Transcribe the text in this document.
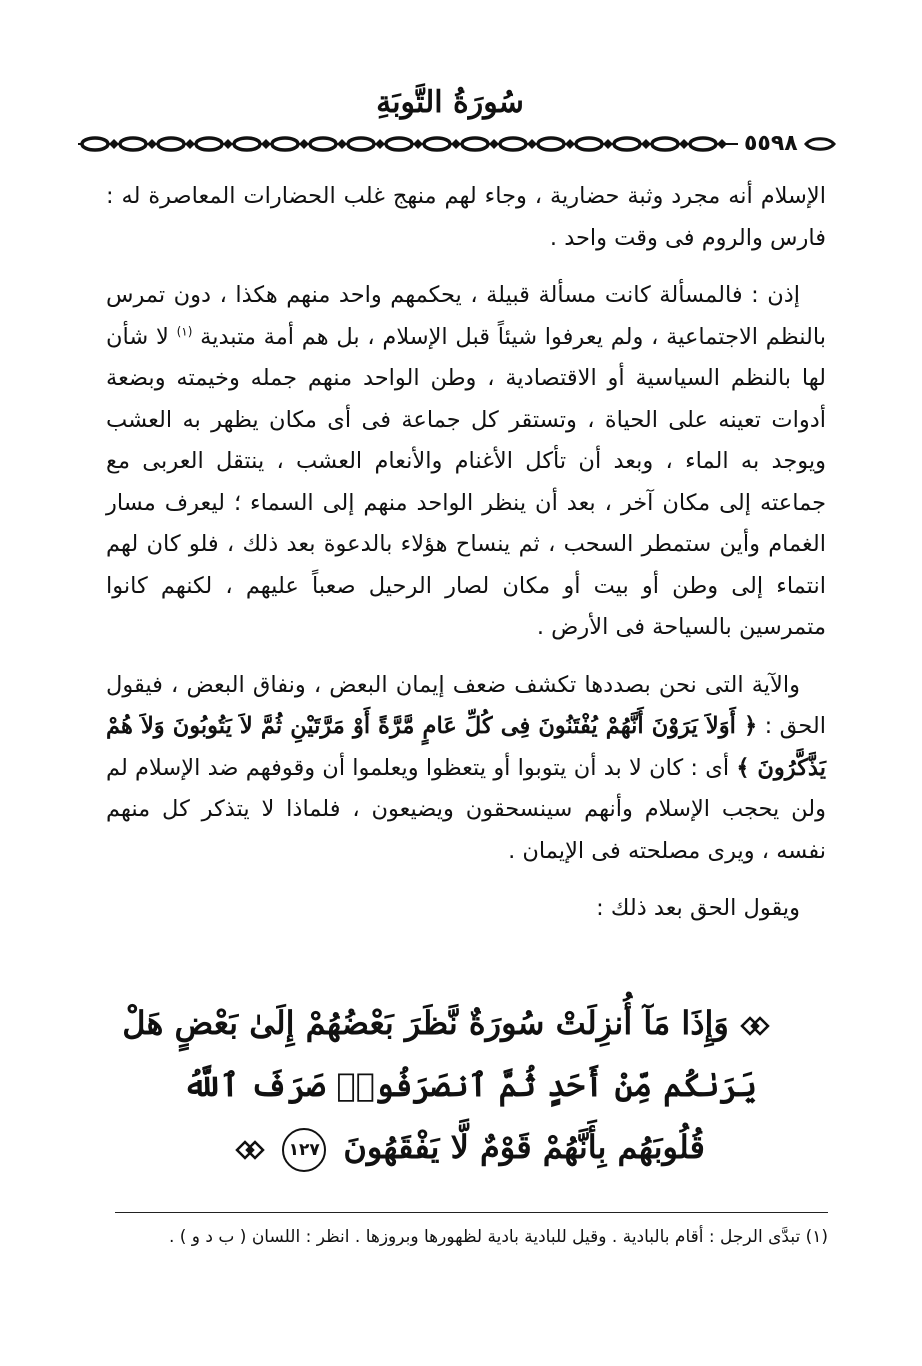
سُورَةُ التَّوبَةِ
٥٥٩٨

الإسلام أنه مجرد وثبة حضارية ، وجاء لهم منهج غلب الحضارات المعاصرة له : فارس والروم فى وقت واحد .

إذن : فالمسألة كانت مسألة قبيلة ، يحكمهم واحد منهم هكذا ، دون تمرس بالنظم الاجتماعية ، ولم يعرفوا شيئاً قبل الإسلام ، بل هم أمة متبدية $^{(١)}$ لا شأن لها بالنظم السياسية أو الاقتصادية ، وطن الواحد منهم جمله وخيمته وبضعة أدوات تعينه على الحياة ، وتستقر كل جماعة فى أى مكان يظهر به العشب ويوجد به الماء ، وبعد أن تأكل الأغنام والأنعام العشب ، ينتقل العربى مع جماعته إلى مكان آخر ، بعد أن ينظر الواحد منهم إلى السماء ؛ ليعرف مسار الغمام وأين ستمطر السحب ، ثم ينساح هؤلاء بالدعوة بعد ذلك ، فلو كان لهم انتماء إلى وطن أو بيت أو مكان لصار الرحيل صعباً عليهم ، لكنهم كانوا متمرسين بالسياحة فى الأرض .

والآية التى نحن بصددها تكشف ضعف إيمان البعض ، ونفاق البعض ، فيقول الحق : ﴿ أَوَلاَ يَرَوْنَ أَنَّهُمْ يُفْتَنُونَ فِى كُلِّ عَامٍ مَّرَّةً أَوْ مَرَّتَيْنِ ثُمَّ لاَ يَتُوبُونَ وَلاَ هُمْ يَذَّكَّرُونَ ﴾ أى : كان لا بد أن يتوبوا أو يتعظوا ويعلموا أن وقوفهم ضد الإسلام لم ولن يحجب الإسلام وأنهم سينسحقون ويضيعون ، فلماذا لا يتذكر كل منهم نفسه ، ويرى مصلحته فى الإيمان .

ويقول الحق بعد ذلك :

وَإِذَا مَآ أُنزِلَتْ سُورَةٌ نَّظَرَ بَعْضُهُمْ إِلَىٰ بَعْضٍ هَلْ
يَرَىٰكُم مِّنْ أَحَدٍ ثُمَّ ٱنصَرَفُوا۟ صَرَفَ ٱللَّهُ
قُلُوبَهُم بِأَنَّهُمْ قَوْمٌ لَّا يَفْقَهُونَ ١٢٧
(١) تبدَّى الرجل : أقام بالبادية . وقيل للبادية بادية لظهورها وبروزها . انظر : اللسان ( ب د و ) .
